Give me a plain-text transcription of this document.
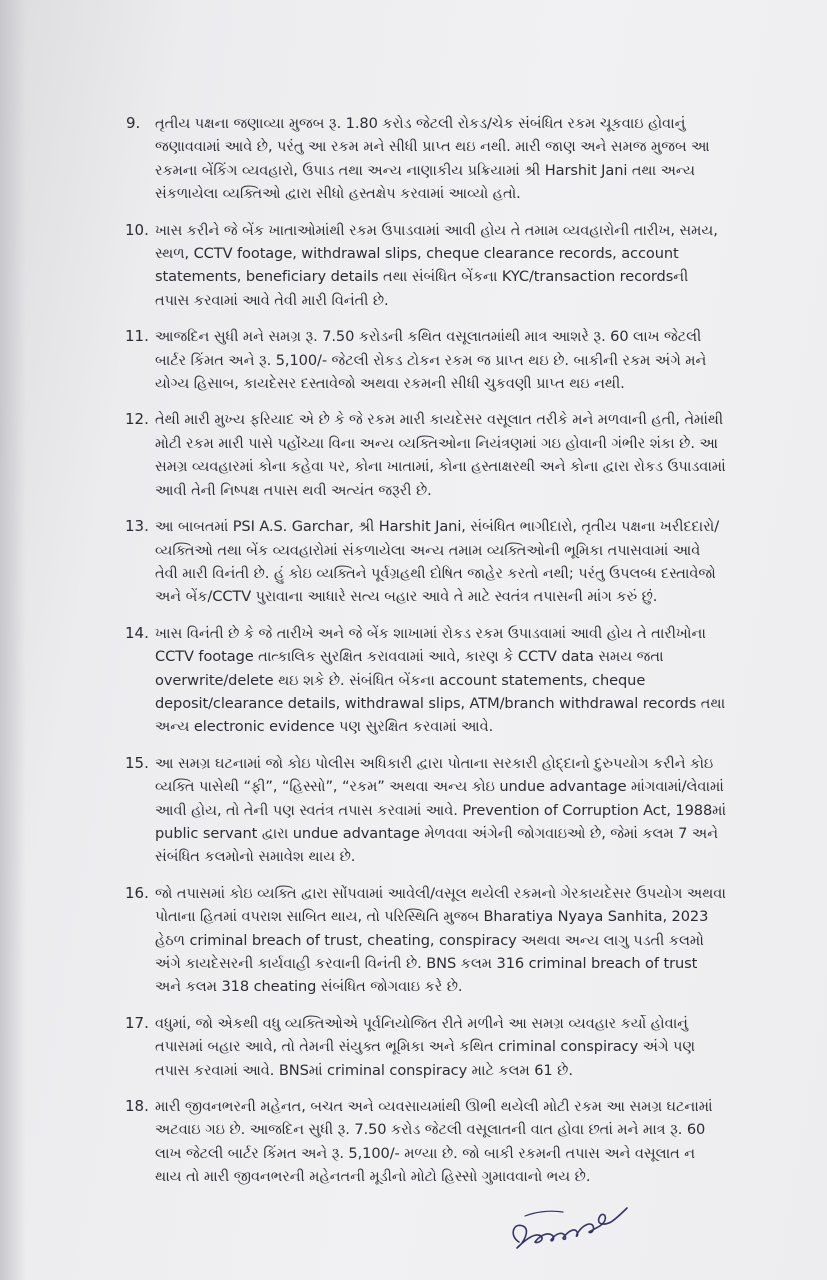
9. તૃતીય પક્ષના જણાવ્યા મુજબ રૂ. 1.80 કરોડ જેટલી રોકડ/ચેક સંબંધિત રકમ ચૂકવાઇ હોવાનું જણાવવામાં આવે છે, પરંતુ આ રકમ મને સીધી પ્રાપ્ત થઇ નથી. મારી જાણ અને સમજ મુજબ આ રકમના બેંકિંગ વ્યવહારો, ઉપાડ તથા અન્ય નાણાકીય પ્રક્રિયામાં શ્રી Harshit Jani તથા અન્ય સંકળાયેલા વ્યક્તિઓ દ્વારા સીધો હસ્તક્ષેપ કરવામાં આવ્યો હતો.

10. ખાસ કરીને જે બેંક ખાતાઓમાંથી રકમ ઉપાડવામાં આવી હોય તે તમામ વ્યવહારોની તારીખ, સમય, સ્થળ, CCTV footage, withdrawal slips, cheque clearance records, account statements, beneficiary details તથા સંબંધિત બેંકના KYC/transaction recordsની તપાસ કરવામાં આવે તેવી મારી વિનંતી છે.

11. આજદિન સુધી મને સમગ્ર રૂ. 7.50 કરોડની કથિત વસૂલાતમાંથી માત્ર આશરે રૂ. 60 લાખ જેટલી બાર્ટર કિંમત અને રૂ. 5,100/- જેટલી રોકડ ટોકન રકમ જ પ્રાપ્ત થઇ છે. બાકીની રકમ અંગે મને યોગ્ય હિસાબ, કાયદેસર દસ્તાવેજો અથવા રકમની સીધી ચુકવણી પ્રાપ્ત થઇ નથી.

12. તેથી મારી મુખ્ય ફરિયાદ એ છે કે જે રકમ મારી કાયદેસર વસૂલાત તરીકે મને મળવાની હતી, તેમાંથી મોટી રકમ મારી પાસે પહોંચ્યા વિના અન્ય વ્યક્તિઓના નિયંત્રણમાં ગઇ હોવાની ગંભીર શંકા છે. આ સમગ્ર વ્યવહારમાં કોના કહેવા પર, કોના ખાતામાં, કોના હસ્તાક્ષરથી અને કોના દ્વારા રોકડ ઉપાડવામાં આવી તેની નિષ્પક્ષ તપાસ થવી અત્યંત જરૂરી છે.

13. આ બાબતમાં PSI A.S. Garchar, શ્રી Harshit Jani, સંબંધિત ભાગીદારો, તૃતીય પક્ષના ખરીદદારો/વ્યક્તિઓ તથા બેંક વ્યવહારોમાં સંકળાયેલા અન્ય તમામ વ્યક્તિઓની ભૂમિકા તપાસવામાં આવે તેવી મારી વિનંતી છે. હું કોઇ વ્યક્તિને પૂર્વગ્રહથી દોષિત જાહેર કરતો નથી; પરંતુ ઉપલબ્ધ દસ્તાવેજો અને બેંક/CCTV પુરાવાના આધારે સત્ય બહાર આવે તે માટે સ્વતંત્ર તપાસની માંગ કરું છું.

14. ખાસ વિનંતી છે કે જે તારીખે અને જે બેંક શાખામાં રોકડ રકમ ઉપાડવામાં આવી હોય તે તારીખોના CCTV footage તાત્કાલિક સુરક્ષિત કરાવવામાં આવે, કારણ કે CCTV data સમય જતા overwrite/delete થઇ શકે છે. સંબંધિત બેંકના account statements, cheque deposit/clearance details, withdrawal slips, ATM/branch withdrawal records તથા અન્ય electronic evidence પણ સુરક્ષિત કરવામાં આવે.

15. આ સમગ્ર ઘટનામાં જો કોઇ પોલીસ અધિકારી દ્વારા પોતાના સરકારી હોદ્દાનો દુરુપયોગ કરીને કોઇ વ્યક્તિ પાસેથી “ફી”, “હિસ્સો”, “રકમ” અથવા અન્ય કોઇ undue advantage માંગવામાં/લેવામાં આવી હોય, તો તેની પણ સ્વતંત્ર તપાસ કરવામાં આવે. Prevention of Corruption Act, 1988માં public servant દ્વારા undue advantage મેળવવા અંગેની જોગવાઇઓ છે, જેમાં કલમ 7 અને સંબંધિત કલમોનો સમાવેશ થાય છે.

16. જો તપાસમાં કોઇ વ્યક્તિ દ્વારા સોંપવામાં આવેલી/વસૂલ થયેલી રકમનો ગેરકાયદેસર ઉપયોગ અથવા પોતાના હિતમાં વપરાશ સાબિત થાય, તો પરિસ્થિતિ મુજબ Bharatiya Nyaya Sanhita, 2023 હેઠળ criminal breach of trust, cheating, conspiracy અથવા અન્ય લાગુ પડતી કલમો અંગે કાયદેસરની કાર્યવાહી કરવાની વિનંતી છે. BNS કલમ 316 criminal breach of trust અને કલમ 318 cheating સંબંધિત જોગવાઇ કરે છે.

17. વધુમાં, જો એકથી વધુ વ્યક્તિઓએ પૂર્વનિયોજિત રીતે મળીને આ સમગ્ર વ્યવહાર કર્યો હોવાનું તપાસમાં બહાર આવે, તો તેમની સંયુક્ત ભૂમિકા અને કથિત criminal conspiracy અંગે પણ તપાસ કરવામાં આવે. BNSમાં criminal conspiracy માટે કલમ 61 છે.

18. મારી જીવનભરની મહેનત, બચત અને વ્યવસાયમાંથી ઊભી થયેલી મોટી રકમ આ સમગ્ર ઘટનામાં અટવાઇ ગઇ છે. આજદિન સુધી રૂ. 7.50 કરોડ જેટલી વસૂલાતની વાત હોવા છતાં મને માત્ર રૂ. 60 લાખ જેટલી બાર્ટર કિંમત અને રૂ. 5,100/- મળ્યા છે. જો બાકી રકમની તપાસ અને વસૂલાત ન થાય તો મારી જીવનભરની મહેનતની મૂડીનો મોટો હિસ્સો ગુમાવવાનો ભય છે.
